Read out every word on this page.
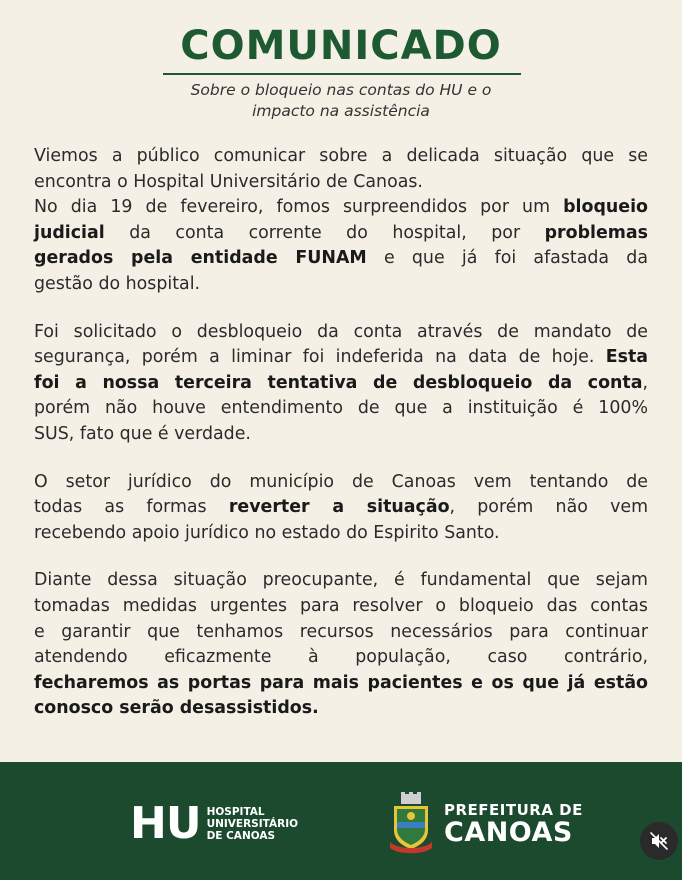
COMUNICADO
Sobre o bloqueio nas contas do HU e o
impacto na assistência
Viemos a público comunicar sobre a delicada situação que se
encontra o Hospital Universitário de Canoas.
No dia 19 de fevereiro, fomos surpreendidos por um bloqueio
judicial da conta corrente do hospital, por problemas
gerados pela entidade FUNAM e que já foi afastada da
gestão do hospital.
Foi solicitado o desbloqueio da conta através de mandato de
segurança, porém a liminar foi indeferida na data de hoje. Esta
foi a nossa terceira tentativa de desbloqueio da conta,
porém não houve entendimento de que a instituição é 100%
SUS, fato que é verdade.
O setor jurídico do município de Canoas vem tentando de
todas as formas reverter a situação, porém não vem
recebendo apoio jurídico no estado do Espirito Santo.
Diante dessa situação preocupante, é fundamental que sejam
tomadas medidas urgentes para resolver o bloqueio das contas
e garantir que tenhamos recursos necessários para continuar
atendendo eficazmente à população, caso contrário,
fecharemos as portas para mais pacientes e os que já estão
conosco serão desassistidos.
HU HOSPITAL
UNIVERSITÁRIO
DE CANOAS
PREFEITURA DE
CANOAS
